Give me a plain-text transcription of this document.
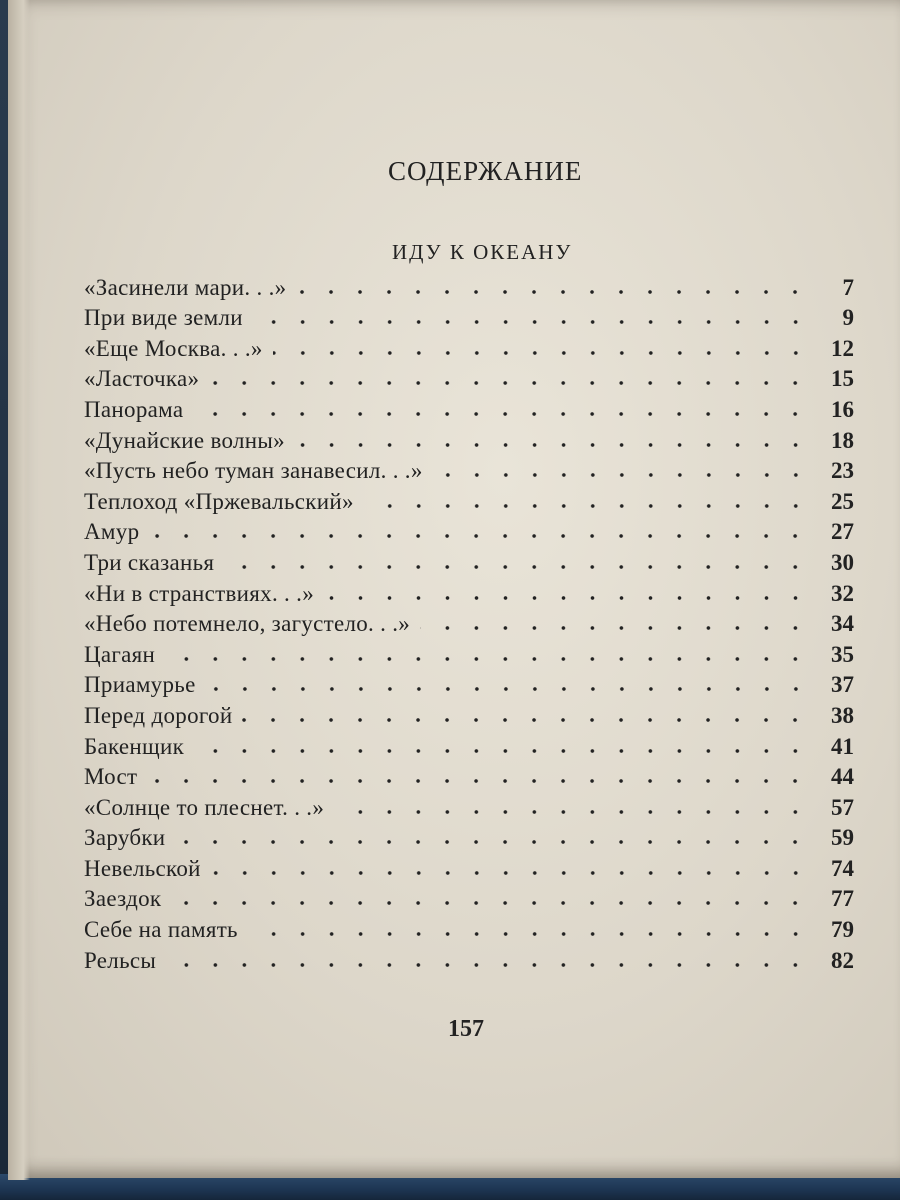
СОДЕРЖАНИЕ
ИДУ К ОКЕАНУ
«Засинели мари. . .»	7
При виде земли	9
«Еще Москва. . .»	12
«Ласточка»	15
Панорама	16
«Дунайские волны»	18
«Пусть небо туман занавесил. . .»	23
Теплоход «Пржевальский»	25
Амур	27
Три сказанья	30
«Ни в странствиях. . .»	32
«Небо потемнело, загустело. . .»	34
Цагаян	35
Приамурье	37
Перед дорогой	38
Бакенщик	41
Мост	44
«Солнце то плеснет. . .»	57
Зарубки	59
Невельской	74
Заездок	77
Себе на память	79
Рельсы	82
157
